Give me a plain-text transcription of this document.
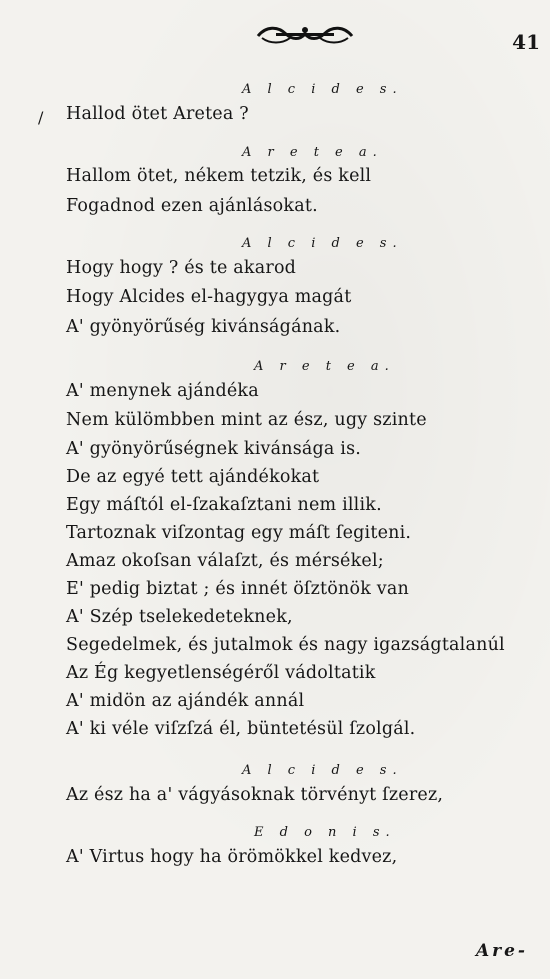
41
/
A l c i d e s.
Hallod ötet Aretea ?
A r e t e a.
Hallom ötet, nékem tetzik, és kell
Fogadnod ezen ajánlásokat.
A l c i d e s.
Hogy hogy ? és te akarod
Hogy Alcides el-hagygya magát
A' gyönyörűség kivánságának.
A r e t e a.
A' menynek ajándéka
Nem külömbben mint az ész, ugy szinte
A' gyönyörűségnek kivánsága is.
De az egyé tett ajándékokat
Egy máſtól el-ſzakaſztani nem illik.
Tartoznak viſzontag egy máſt ſegiteni.
Amaz okoſsan válaſzt, és mérsékel;
E' pedig biztat ; és innét öſztönök van
A' Szép tselekedeteknek,
Segedelmek, és jutalmok és nagy igazságtalanúl
Az Ég kegyetlenségéről vádoltatik
A' midön az ajándék annál
A' ki véle viſzſzá él, büntetésül ſzolgál.
A l c i d e s.
Az ész ha a' vágyásoknak törvényt ſzerez,
E d o n i s.
A' Virtus hogy ha örömökkel kedvez,
Are-
